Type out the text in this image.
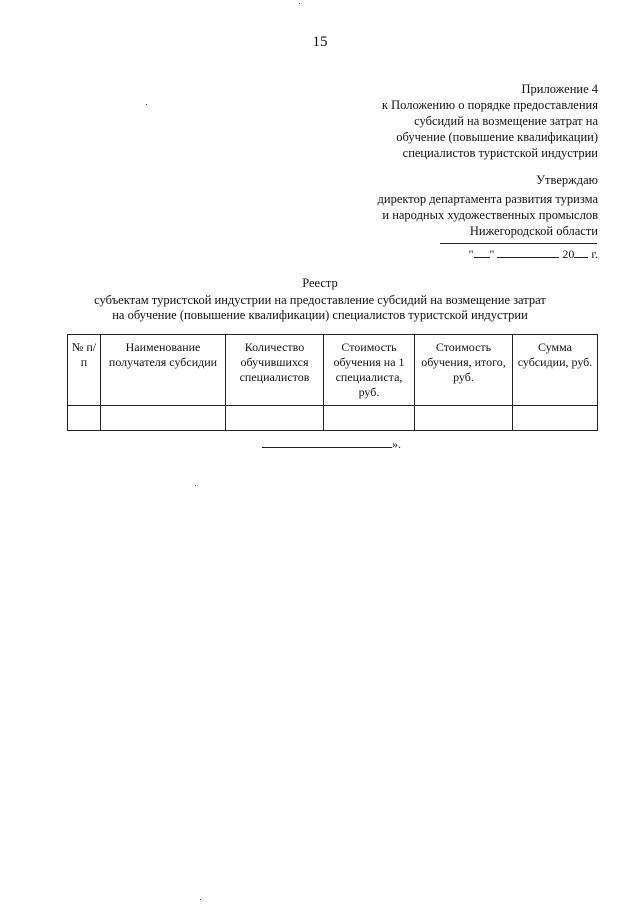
15
Приложение 4
к Положению о порядке предоставления
субсидий на возмещение затрат на
обучение (повышение квалификации)
специалистов туристской индустрии
Утверждаю
директор департамента развития туризма
и народных художественных промыслов
Нижегородской области
" "	20 г.
Реестр
субъектам туристской индустрии на предоставление субсидий на возмещение затрат
на обучение (повышение квалификации) специалистов туристской индустрии
№ п/п	Наименование получателя субсидии	Количество обучившихся специалистов	Стоимость обучения на 1 специалиста, руб.	Стоимость обучения, итого, руб.	Сумма субсидии, руб.

».
